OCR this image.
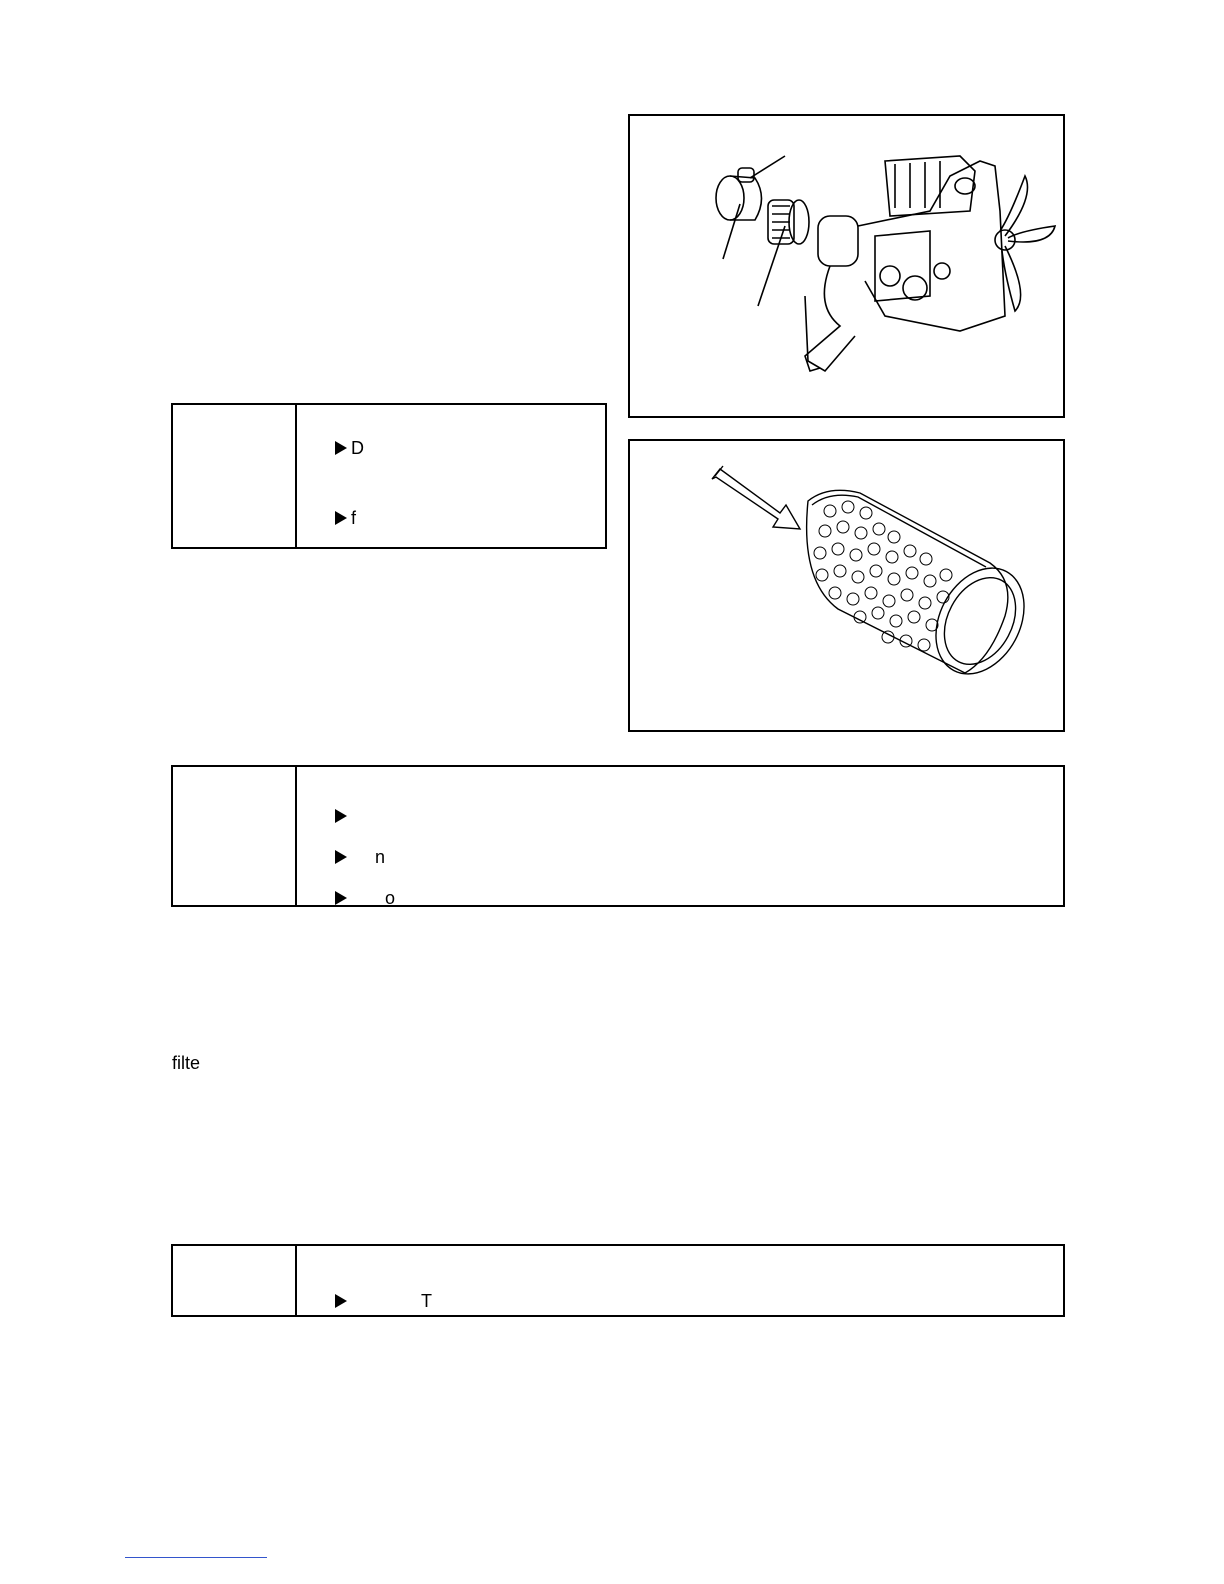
D

f

n

o

filte

T
